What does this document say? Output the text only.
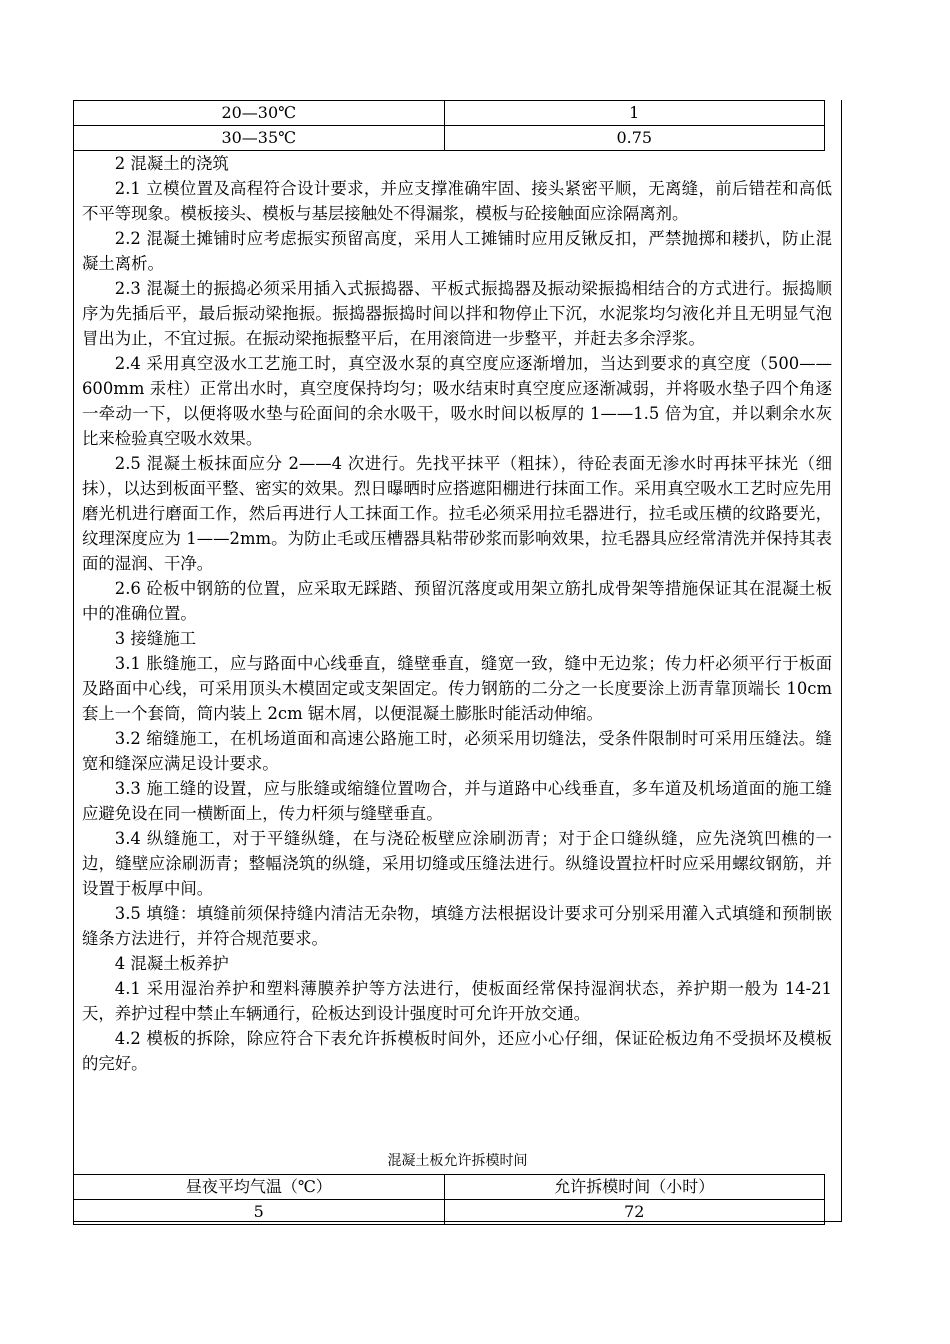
20—30℃	1
30—35℃	0.75

2 混凝土的浇筑

2.1 立模位置及高程符合设计要求，并应支撑准确牢固、接头紧密平顺，无离缝，前后错茬和高低不平等现象。模板接头、模板与基层接触处不得漏浆，模板与砼接触面应涂隔离剂。

2.2 混凝土摊铺时应考虑振实预留高度，采用人工摊铺时应用反锹反扣，严禁抛掷和耧扒，防止混凝土离析。

2.3 混凝土的振捣必须采用插入式振捣器、平板式振捣器及振动梁振捣相结合的方式进行。振捣顺序为先插后平，最后振动梁拖振。振捣器振捣时间以拌和物停止下沉，水泥浆均匀液化并且无明显气泡冒出为止，不宜过振。在振动梁拖振整平后，在用滚筒进一步整平，并赶去多余浮浆。

2.4 采用真空汲水工艺施工时，真空汲水泵的真空度应逐渐增加，当达到要求的真空度（500——600mm 汞柱）正常出水时，真空度保持均匀；吸水结束时真空度应逐渐减弱，并将吸水垫子四个角逐一牵动一下，以便将吸水垫与砼面间的余水吸干，吸水时间以板厚的 1——1.5 倍为宜，并以剩余水灰比来检验真空吸水效果。

2.5 混凝土板抹面应分 2——4 次进行。先找平抹平（粗抹），待砼表面无渗水时再抹平抹光（细抹），以达到板面平整、密实的效果。烈日曝晒时应搭遮阳棚进行抹面工作。采用真空吸水工艺时应先用磨光机进行磨面工作，然后再进行人工抹面工作。拉毛必须采用拉毛器进行，拉毛或压横的纹路要光，纹理深度应为 1——2mm。为防止毛或压槽器具粘带砂浆而影响效果，拉毛器具应经常清洗并保持其表面的湿润、干净。

2.6 砼板中钢筋的位置，应采取无踩踏、预留沉落度或用架立筋扎成骨架等措施保证其在混凝土板中的准确位置。

3 接缝施工

3.1 胀缝施工，应与路面中心线垂直，缝壁垂直，缝宽一致，缝中无边浆；传力杆必须平行于板面及路面中心线，可采用顶头木模固定或支架固定。传力钢筋的二分之一长度要涂上沥青靠顶端长 10cm 套上一个套筒，筒内装上 2cm 锯木屑，以便混凝土膨胀时能活动伸缩。

3.2 缩缝施工，在机场道面和高速公路施工时，必须采用切缝法，受条件限制时可采用压缝法。缝宽和缝深应满足设计要求。

3.3 施工缝的设置，应与胀缝或缩缝位置吻合，并与道路中心线垂直，多车道及机场道面的施工缝应避免设在同一横断面上，传力杆须与缝壁垂直。

3.4 纵缝施工，对于平缝纵缝，在与浇砼板壁应涂刷沥青；对于企口缝纵缝，应先浇筑凹樵的一边，缝壁应涂刷沥青；整幅浇筑的纵缝，采用切缝或压缝法进行。纵缝设置拉杆时应采用螺纹钢筋，并设置于板厚中间。

3.5 填缝：填缝前须保持缝内清洁无杂物，填缝方法根据设计要求可分别采用灌入式填缝和预制嵌缝条方法进行，并符合规范要求。

4 混凝土板养护

4.1 采用湿治养护和塑料薄膜养护等方法进行，使板面经常保持湿润状态，养护期一般为 14-21 天，养护过程中禁止车辆通行，砼板达到设计强度时可允许开放交通。

4.2 模板的拆除，除应符合下表允许拆模板时间外，还应小心仔细，保证砼板边角不受损坏及模板的完好。

混凝土板允许拆模时间
昼夜平均气温（℃）	允许拆模时间（小时）
5	72
